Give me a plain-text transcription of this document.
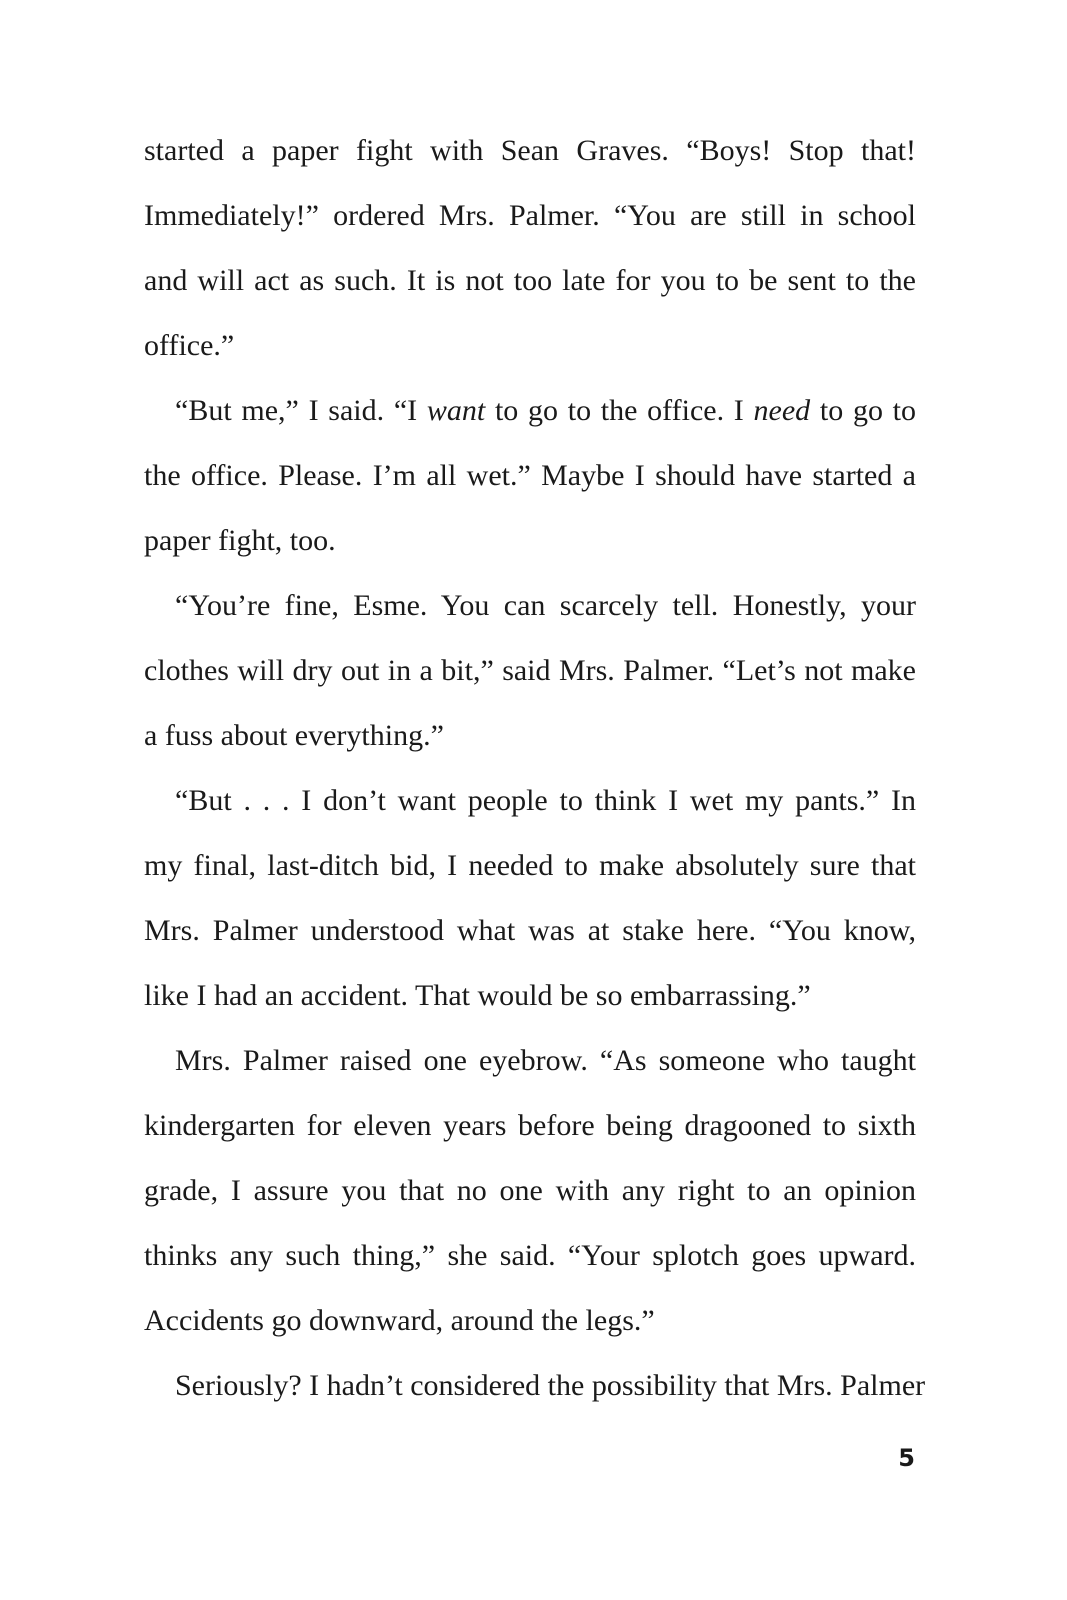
started a paper fight with Sean Graves. “Boys! Stop that!
Immediately!” ordered Mrs. Palmer. “You are still in school
and will act as such. It is not too late for you to be sent to the
office.”
“But me,” I said. “I want to go to the office. I need to go to
the office. Please. I’m all wet.” Maybe I should have started a
paper fight, too.
“You’re fine, Esme. You can scarcely tell. Honestly, your
clothes will dry out in a bit,” said Mrs. Palmer. “Let’s not make
a fuss about everything.”
“But . . . I don’t want people to think I wet my pants.” In
my final, last-ditch bid, I needed to make absolutely sure that
Mrs. Palmer understood what was at stake here. “You know,
like I had an accident. That would be so embarrassing.”
Mrs. Palmer raised one eyebrow. “As someone who taught
kindergarten for eleven years before being dragooned to sixth
grade, I assure you that no one with any right to an opinion
thinks any such thing,” she said. “Your splotch goes upward.
Accidents go downward, around the legs.”
Seriously? I hadn’t considered the possibility that Mrs. Palmer
5
